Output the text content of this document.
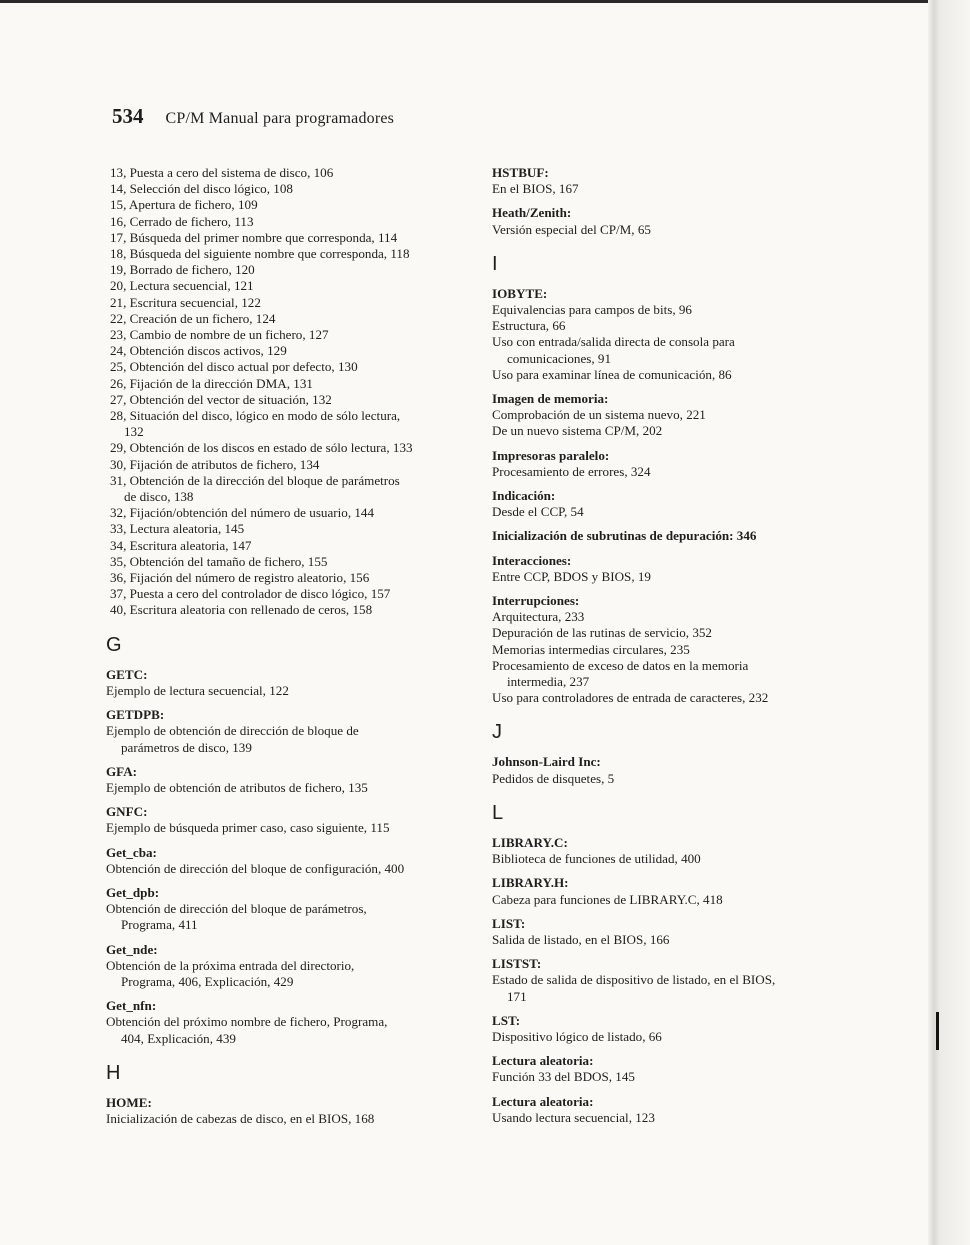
534 CP/M Manual para programadores
13, Puesta a cero del sistema de disco, 106
14, Selección del disco lógico, 108
15, Apertura de fichero, 109
16, Cerrado de fichero, 113
17, Búsqueda del primer nombre que corresponda, 114
18, Búsqueda del siguiente nombre que corresponda, 118
19, Borrado de fichero, 120
20, Lectura secuencial, 121
21, Escritura secuencial, 122
22, Creación de un fichero, 124
23, Cambio de nombre de un fichero, 127
24, Obtención discos activos, 129
25, Obtención del disco actual por defecto, 130
26, Fijación de la dirección DMA, 131
27, Obtención del vector de situación, 132
28, Situación del disco, lógico en modo de sólo lectura,
132
29, Obtención de los discos en estado de sólo lectura, 133
30, Fijación de atributos de fichero, 134
31, Obtención de la dirección del bloque de parámetros
de disco, 138
32, Fijación/obtención del número de usuario, 144
33, Lectura aleatoria, 145
34, Escritura aleatoria, 147
35, Obtención del tamaño de fichero, 155
36, Fijación del número de registro aleatorio, 156
37, Puesta a cero del controlador de disco lógico, 157
40, Escritura aleatoria con rellenado de ceros, 158
G
GETC:
Ejemplo de lectura secuencial, 122
GETDPB:
Ejemplo de obtención de dirección de bloque de
parámetros de disco, 139
GFA:
Ejemplo de obtención de atributos de fichero, 135
GNFC:
Ejemplo de búsqueda primer caso, caso siguiente, 115
Get_cba:
Obtención de dirección del bloque de configuración, 400
Get_dpb:
Obtención de dirección del bloque de parámetros,
Programa, 411
Get_nde:
Obtención de la próxima entrada del directorio,
Programa, 406, Explicación, 429
Get_nfn:
Obtención del próximo nombre de fichero, Programa,
404, Explicación, 439
H
HOME:
Inicialización de cabezas de disco, en el BIOS, 168
HSTBUF:
En el BIOS, 167
Heath/Zenith:
Versión especial del CP/M, 65
I
IOBYTE:
Equivalencias para campos de bits, 96
Estructura, 66
Uso con entrada/salida directa de consola para
comunicaciones, 91
Uso para examinar línea de comunicación, 86
Imagen de memoria:
Comprobación de un sistema nuevo, 221
De un nuevo sistema CP/M, 202
Impresoras paralelo:
Procesamiento de errores, 324
Indicación:
Desde el CCP, 54
Inicialización de subrutinas de depuración: 346
Interacciones:
Entre CCP, BDOS y BIOS, 19
Interrupciones:
Arquitectura, 233
Depuración de las rutinas de servicio, 352
Memorias intermedias circulares, 235
Procesamiento de exceso de datos en la memoria
intermedia, 237
Uso para controladores de entrada de caracteres, 232
J
Johnson-Laird Inc:
Pedidos de disquetes, 5
L
LIBRARY.C:
Biblioteca de funciones de utilidad, 400
LIBRARY.H:
Cabeza para funciones de LIBRARY.C, 418
LIST:
Salida de listado, en el BIOS, 166
LISTST:
Estado de salida de dispositivo de listado, en el BIOS,
171
LST:
Dispositivo lógico de listado, 66
Lectura aleatoria:
Función 33 del BDOS, 145
Lectura aleatoria:
Usando lectura secuencial, 123
